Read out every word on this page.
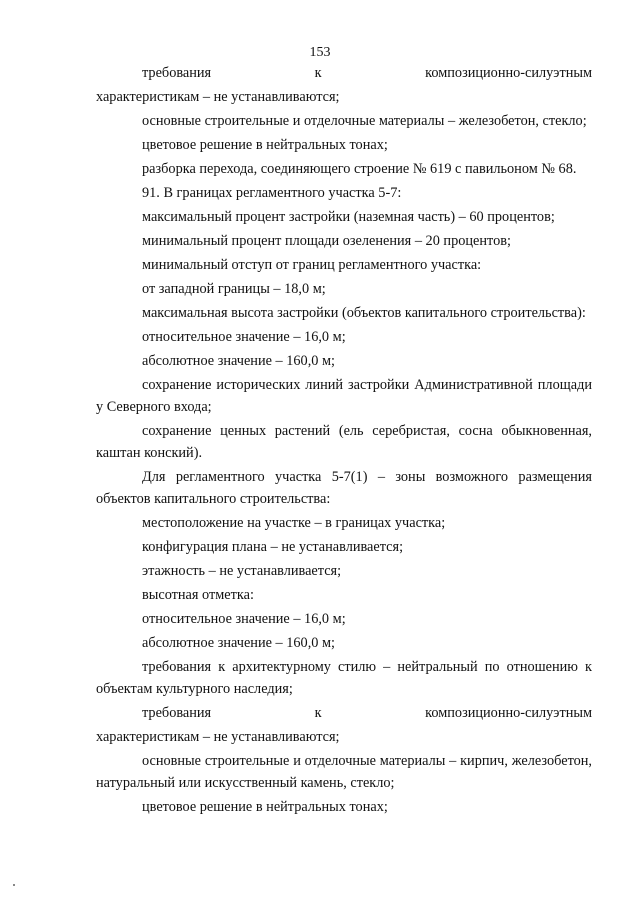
153

требования к композиционно-силуэтным

характеристикам – не устанавливаются;

основные строительные и отделочные материалы – железобетон, стекло;

цветовое решение в нейтральных тонах;

разборка перехода, соединяющего строение № 619 с павильоном № 68.

91. В границах регламентного участка 5-7:

максимальный процент застройки (наземная часть) – 60 процентов;

минимальный процент площади озеленения – 20 процентов;

минимальный отступ от границ регламентного участка:

от западной границы – 18,0 м;

максимальная высота застройки (объектов капитального строительства):

относительное значение – 16,0 м;

абсолютное значение – 160,0 м;

сохранение исторических линий застройки Административной площади у Северного входа;

сохранение ценных растений (ель серебристая, сосна обыкновенная, каштан конский).

Для регламентного участка 5-7(1) – зоны возможного размещения объектов капитального строительства:

местоположение на участке – в границах участка;

конфигурация плана – не устанавливается;

этажность – не устанавливается;

высотная отметка:

относительное значение – 16,0 м;

абсолютное значение – 160,0 м;

требования к архитектурному стилю – нейтральный по отношению к объектам культурного наследия;

требования к композиционно-силуэтным

характеристикам – не устанавливаются;

основные строительные и отделочные материалы – кирпич, железобетон, натуральный или искусственный камень, стекло;

цветовое решение в нейтральных тонах;
